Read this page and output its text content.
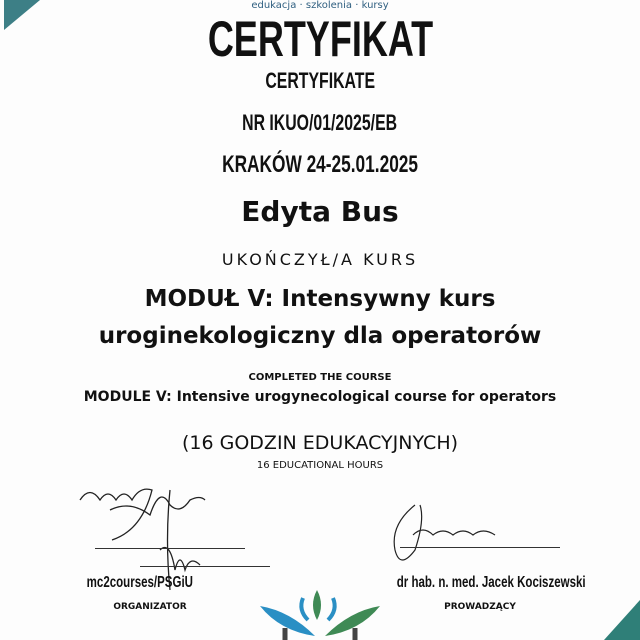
edukacja · szkolenia · kursy
CERTYFIKAT
CERTYFIKATE
NR IKUO/01/2025/EB
KRAKÓW 24-25.01.2025
Edyta Bus
UKOŃCZYŁ/A KURS
MODUŁ V: Intensywny kurs
uroginekologiczny dla operatorów
COMPLETED THE COURSE
MODULE V: Intensive urogynecological course for operators
(16 GODZIN EDUKACYJNYCH)
16 EDUCATIONAL HOURS
mc2courses/PSGiU
ORGANIZATOR
dr hab. n. med. Jacek Kociszewski
PROWADZĄCY
